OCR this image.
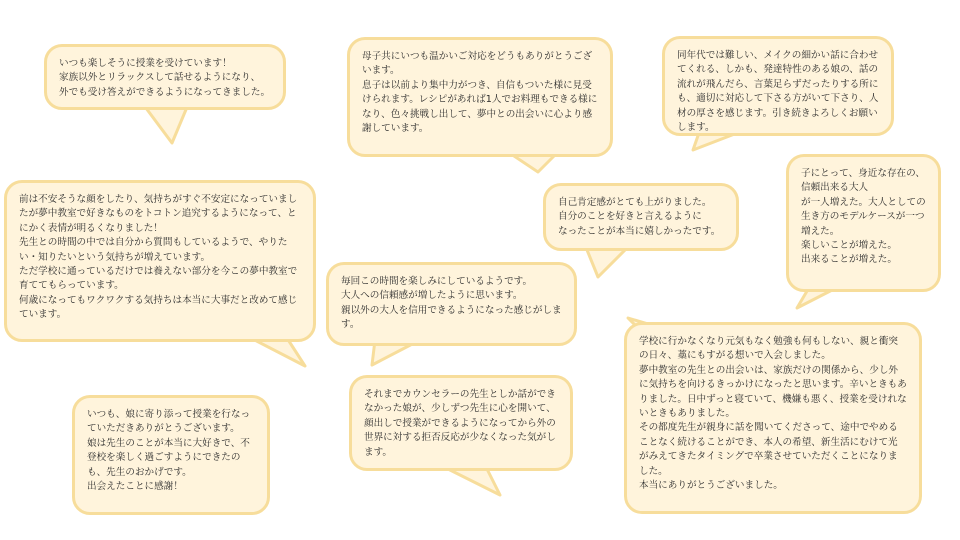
いつも楽しそうに授業を受けています！
家族以外とリラックスして話せるようになり、
外でも受け答えができるようになってきました。

母子共にいつも温かいご対応をどうもありがとうございます。
息子は以前より集中力がつき、自信もついた様に見受けられます。レシピがあれば1人でお料理もできる様になり、色々挑戦し出して、夢中との出会いに心より感謝しています。

同年代では難しい、メイクの細かい話に合わせてくれる、しかも、発達特性のある娘の、話の流れが飛んだら、言葉足らずだったりする所にも、適切に対応して下さる方がいて下さり、人材の厚さを感じます。引き続きよろしくお願いします。

前は不安そうな顔をしたり、気持ちがすぐ不安定になっていましたが夢中教室で好きなものをトコトン追究するようになって、とにかく表情が明るくなりました！
先生との時間の中では自分から質問もしているようで、やりたい・知りたいという気持ちが増えています。
ただ学校に通っているだけでは養えない部分を今この夢中教室で育ててもらっています。
何歳になってもワクワクする気持ちは本当に大事だと改めて感じています。

自己肯定感がとても上がりました。
自分のことを好きと言えるように
なったことが本当に嬉しかったです。

子にとって、身近な存在の、信頼出来る大人
が一人増えた。大人としての生き方のモデルケースが一つ増えた。
楽しいことが増えた。
出来ることが増えた。

毎回この時間を楽しみにしているようです。
大人への信頼感が増したように思います。
親以外の大人を信用できるようになった感じがします。

学校に行かなくなり元気もなく勉強も何もしない、親と衝突の日々、藁にもすがる想いで入会しました。
夢中教室の先生との出会いは、家族だけの関係から、少し外に気持ちを向けるきっかけになったと思います。辛いときもありました。日中ずっと寝ていて、機嫌も悪く、授業を受けれないときもありました。
その都度先生が親身に話を聞いてくださって、途中でやめることなく続けることができ、本人の希望、新生活にむけて光がみえてきたタイミングで卒業させていただくことになりました。
本当にありがとうございました。

いつも、娘に寄り添って授業を行なっていただきありがとうございます。
娘は先生のことが本当に大好きで、不登校を楽しく過ごすようにできたのも、先生のおかげです。
出会えたことに感謝！

それまでカウンセラーの先生としか話ができなかった娘が、少しずつ先生に心を開いて、顔出しで授業ができるようになってから外の世界に対する拒否反応が少なくなった気がします。
